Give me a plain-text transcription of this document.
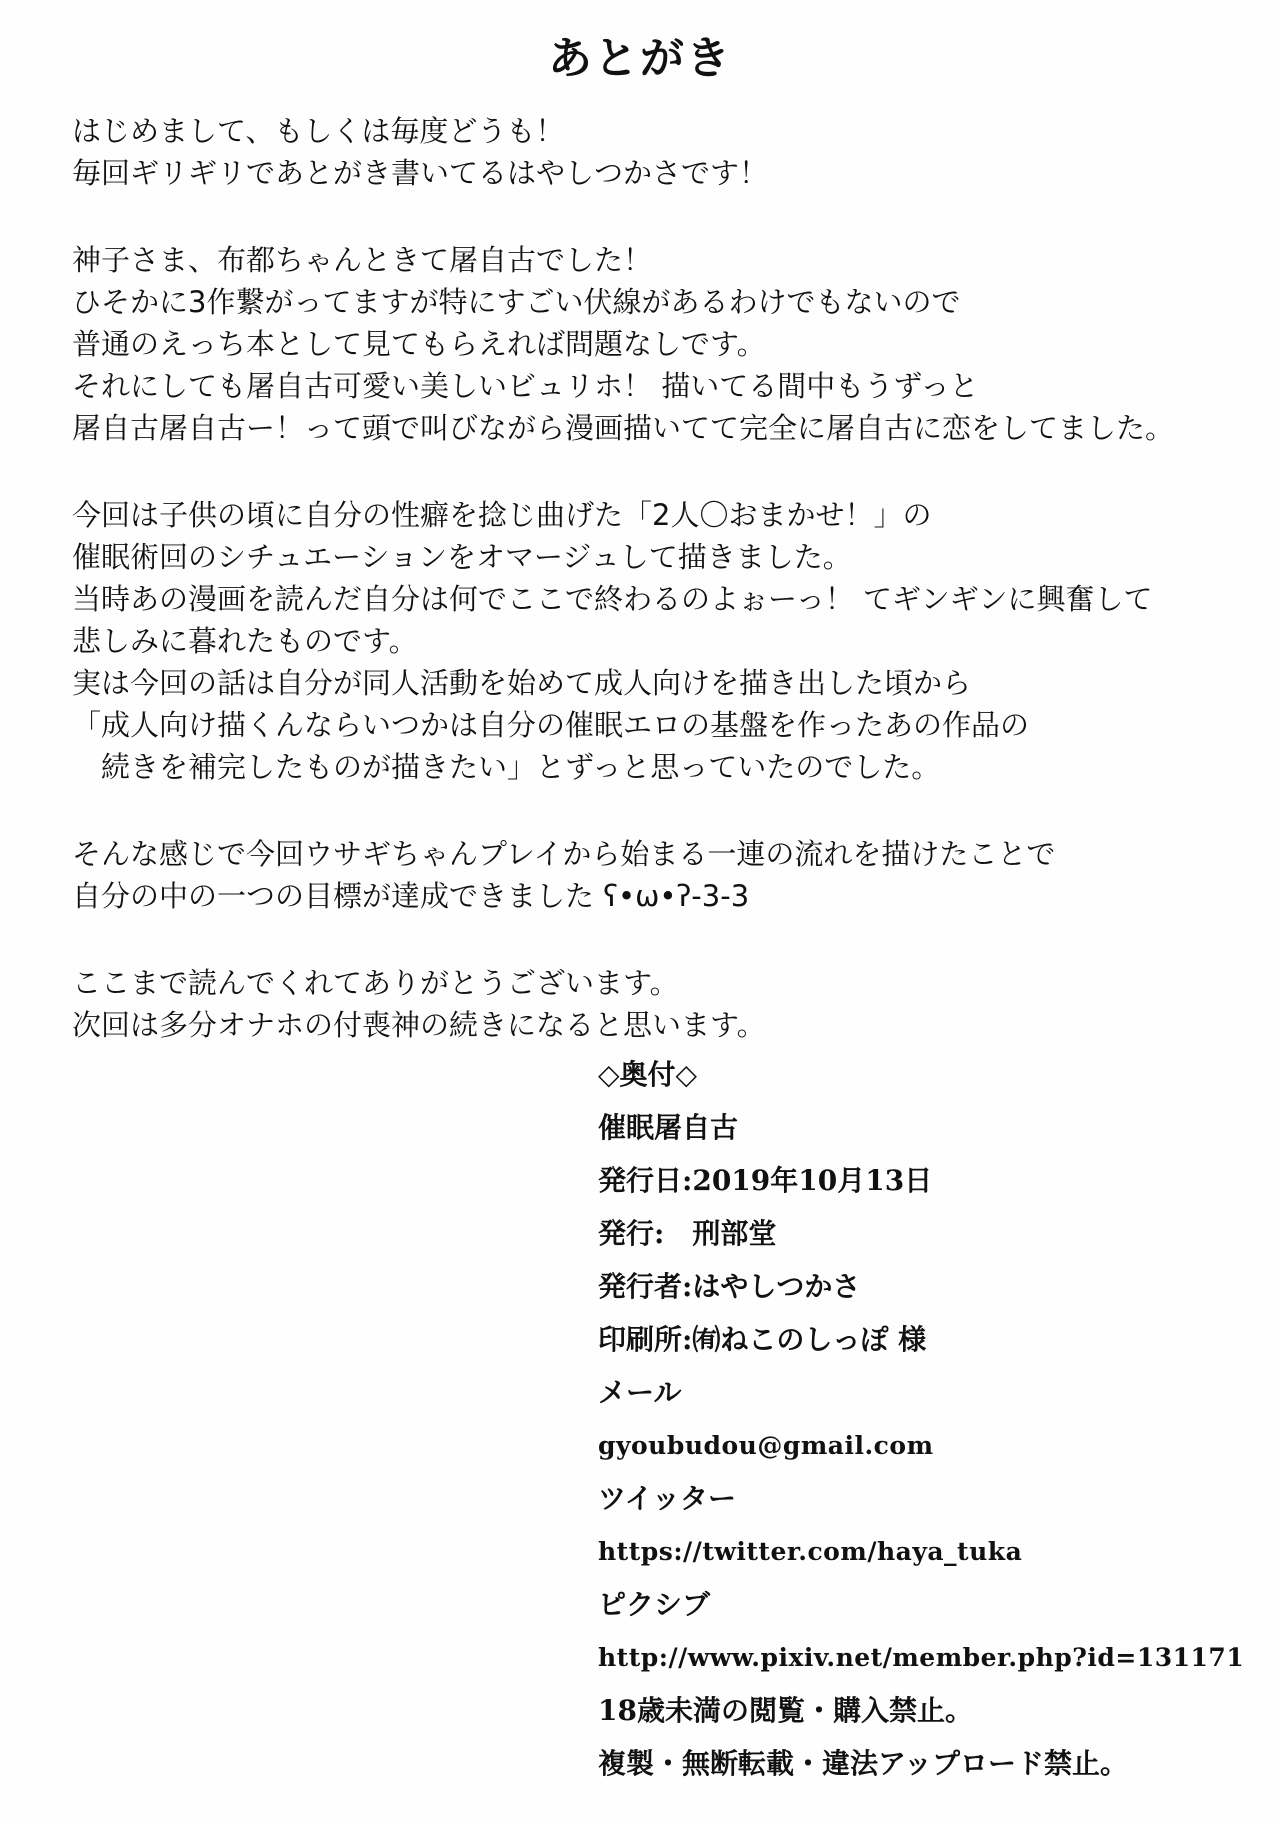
あとがき
はじめまして、もしくは毎度どうも！
毎回ギリギリであとがき書いてるはやしつかさです！
神子さま、布都ちゃんときて屠自古でした！
ひそかに3作繋がってますが特にすごい伏線があるわけでもないので
普通のえっち本として見てもらえれば問題なしです。
それにしても屠自古可愛い美しいビュリホ！ 描いてる間中もうずっと
屠自古屠自古ー！って頭で叫びながら漫画描いてて完全に屠自古に恋をしてました。
今回は子供の頃に自分の性癖を捻じ曲げた「2人〇おまかせ！」の
催眠術回のシチュエーションをオマージュして描きました。
当時あの漫画を読んだ自分は何でここで終わるのよぉーっ！ てギンギンに興奮して
悲しみに暮れたものです。
実は今回の話は自分が同人活動を始めて成人向けを描き出した頃から
「成人向け描くんならいつかは自分の催眠エロの基盤を作ったあの作品の
　続きを補完したものが描きたい」とずっと思っていたのでした。
そんな感じで今回ウサギちゃんプレイから始まる一連の流れを描けたことで
自分の中の一つの目標が達成できました ʕ•ω•ʔ-3-3
ここまで読んでくれてありがとうございます。
次回は多分オナホの付喪神の続きになると思います。
◇奥付◇
催眠屠自古
発行日:2019年10月13日
発行:　刑部堂
発行者:はやしつかさ
印刷所:㈲ねこのしっぽ 様
メール
gyoubudou@gmail.com
ツイッター
https://twitter.com/haya_tuka
ピクシブ
http://www.pixiv.net/member.php?id=131171
18歳未満の閲覧・購入禁止。
複製・無断転載・違法アップロード禁止。
